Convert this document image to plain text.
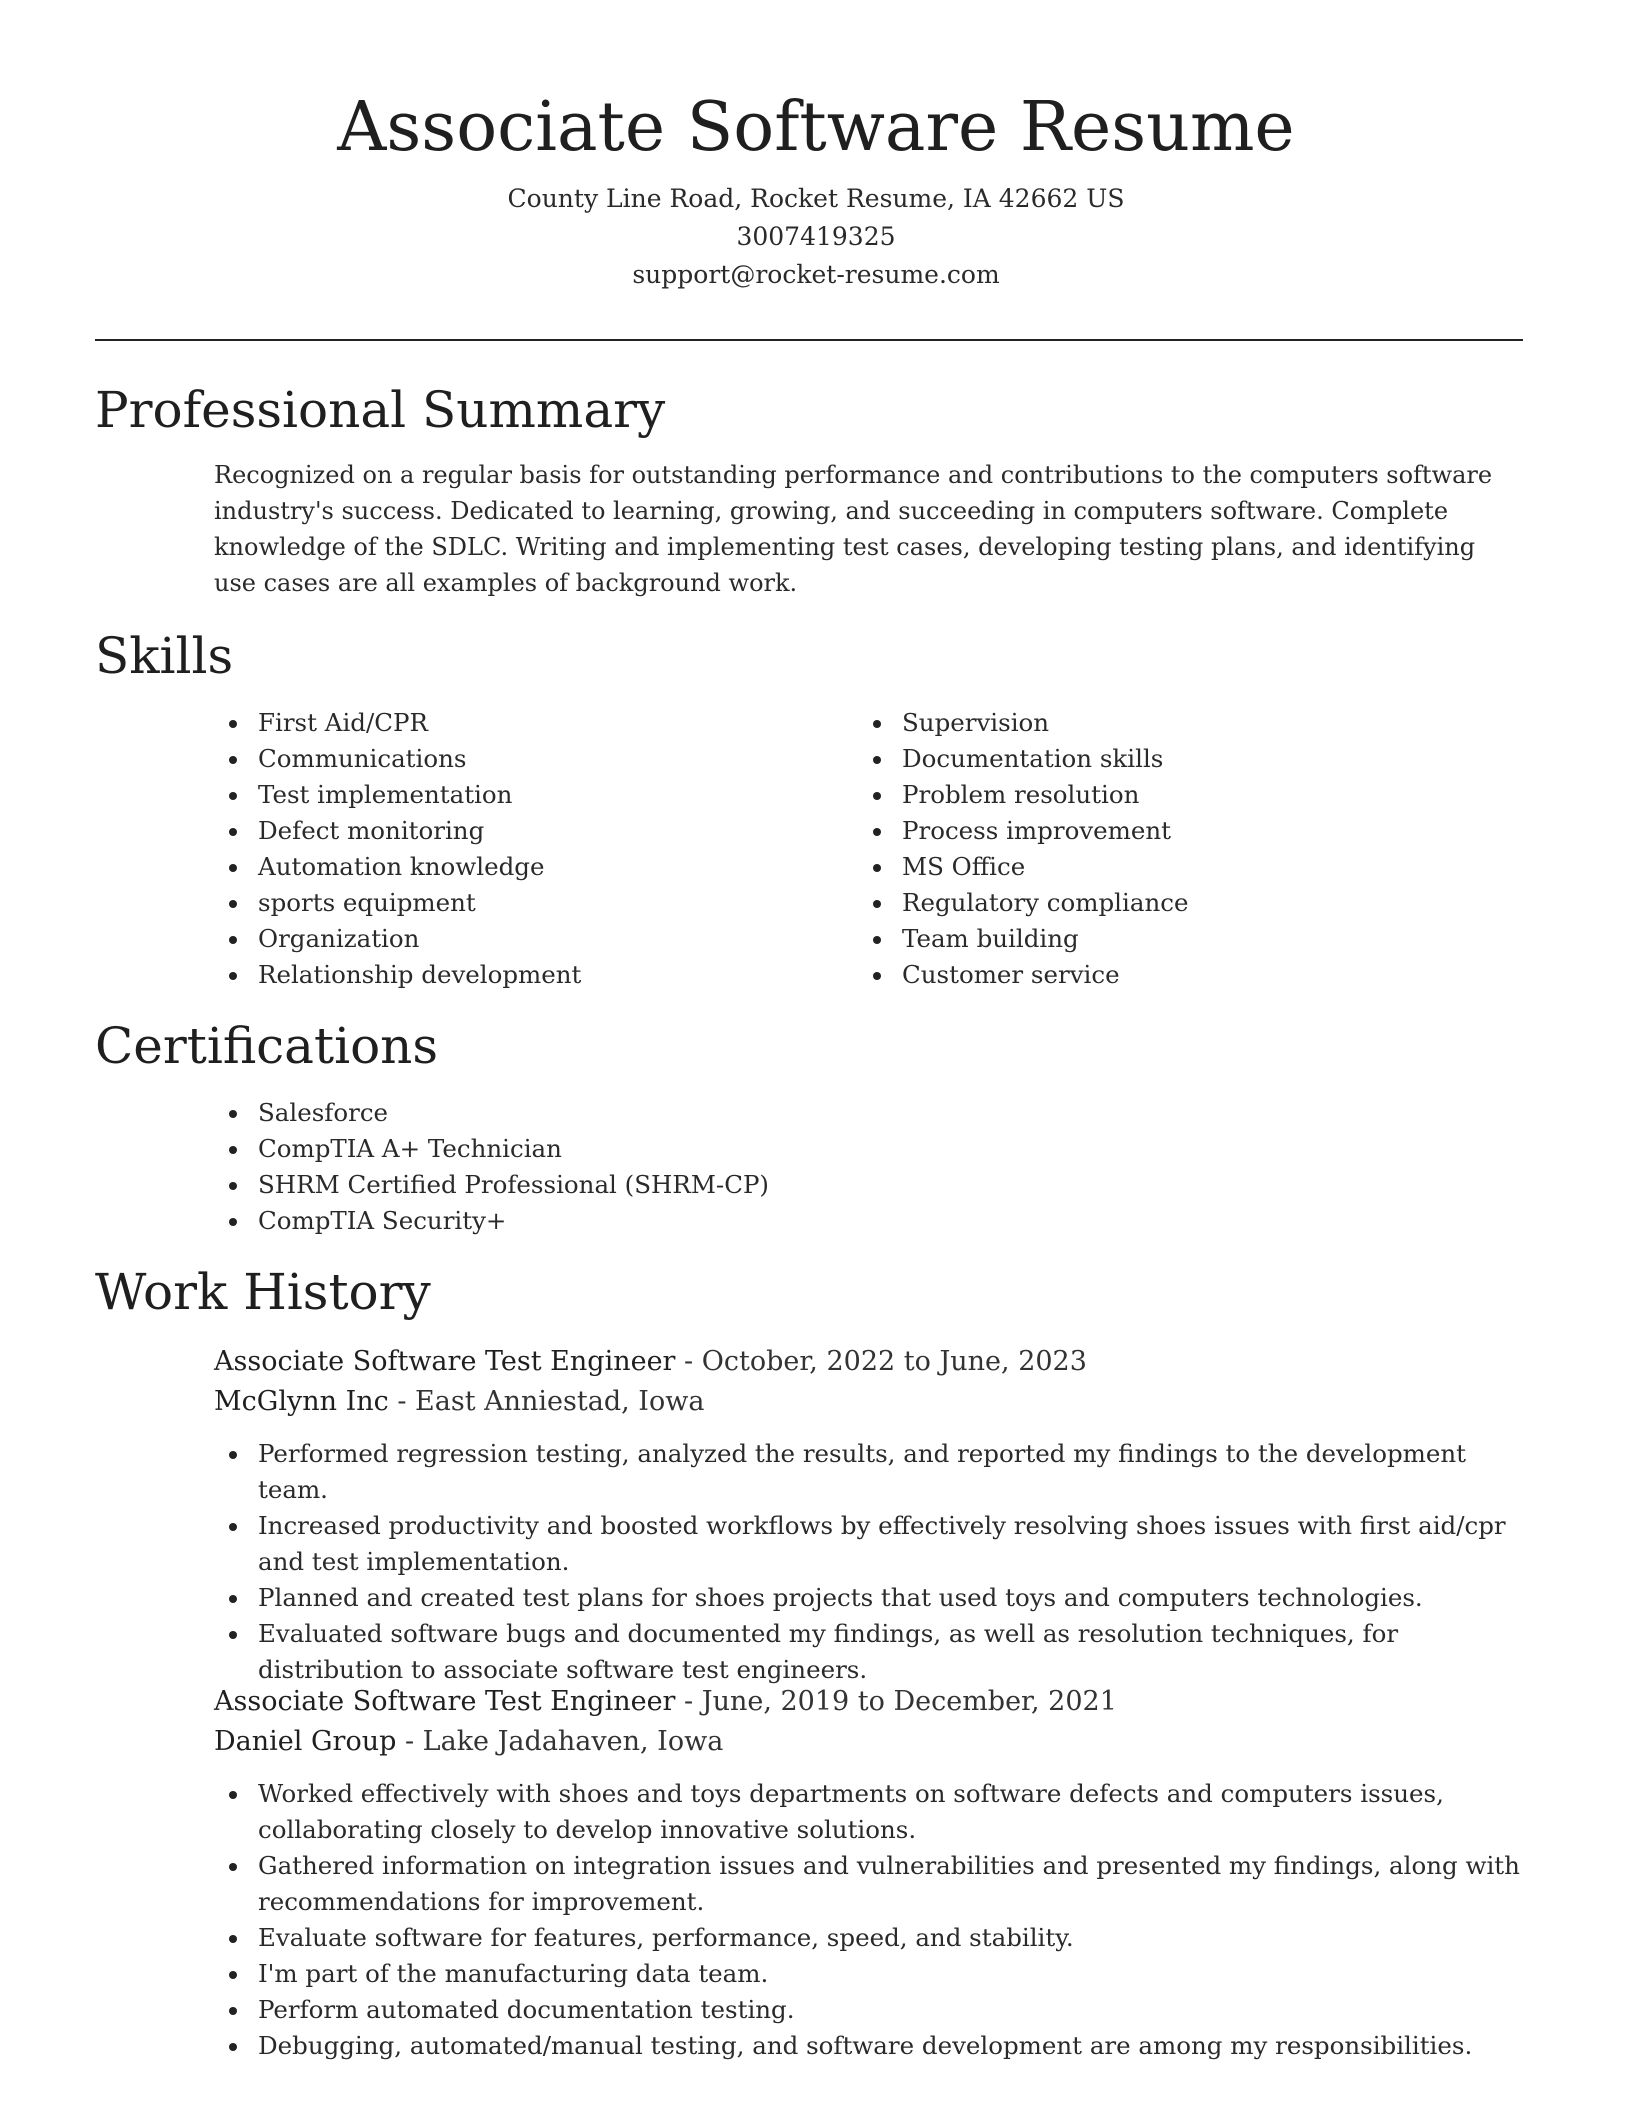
Associate Software Resume

County Line Road, Rocket Resume, IA 42662 US

3007419325

support@rocket-resume.com

Professional Summary

Recognized on a regular basis for outstanding performance and contributions to the computers software industry's success. Dedicated to learning, growing, and succeeding in computers software. Complete knowledge of the SDLC. Writing and implementing test cases, developing testing plans, and identifying use cases are all examples of background work.

Skills
First Aid/CPR
Communications
Test implementation
Defect monitoring
Automation knowledge
sports equipment
Organization
Relationship development
Supervision
Documentation skills
Problem resolution
Process improvement
MS Office
Regulatory compliance
Team building
Customer service
Certifications
Salesforce
CompTIA A+ Technician
SHRM Certified Professional (SHRM-CP)
CompTIA Security+
Work History

Associate Software Test Engineer - October, 2022 to June, 2023

McGlynn Inc - East Anniestad, Iowa

Performed regression testing, analyzed the results, and reported my findings to the development team.
Increased productivity and boosted workflows by effectively resolving shoes issues with first aid/cpr and test implementation.
Planned and created test plans for shoes projects that used toys and computers technologies.
Evaluated software bugs and documented my findings, as well as resolution techniques, for distribution to associate software test engineers.

Associate Software Test Engineer - June, 2019 to December, 2021

Daniel Group - Lake Jadahaven, Iowa

Worked effectively with shoes and toys departments on software defects and computers issues, collaborating closely to develop innovative solutions.
Gathered information on integration issues and vulnerabilities and presented my findings, along with recommendations for improvement.
Evaluate software for features, performance, speed, and stability.
I'm part of the manufacturing data team.
Perform automated documentation testing.
Debugging, automated/manual testing, and software development are among my responsibilities.
